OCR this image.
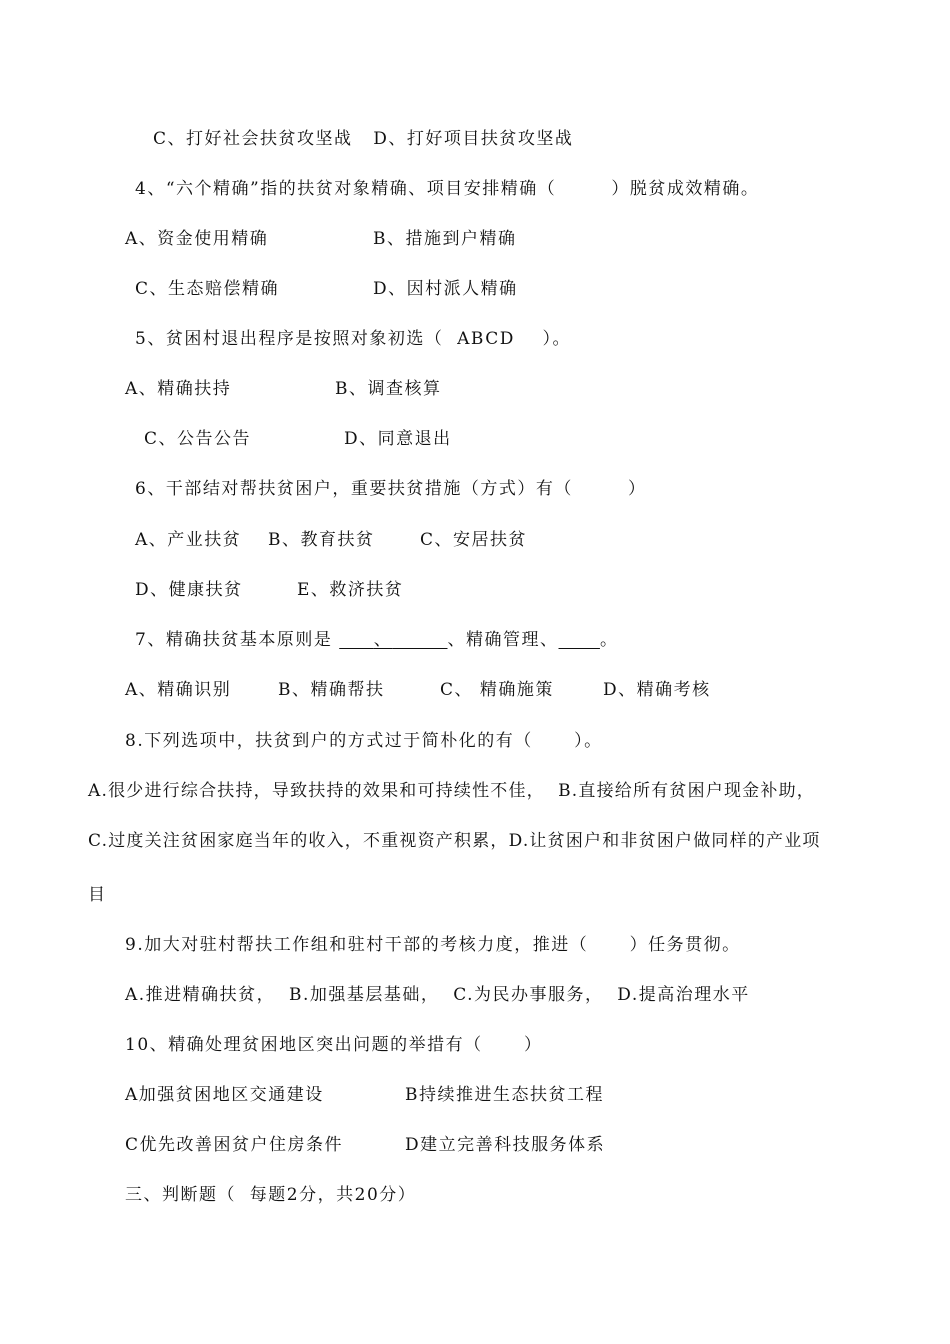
C、打好社会扶贫攻坚战   D、打好项目扶贫攻坚战

4、“六个精确”指的扶贫对象精确、项目安排精确（        ）脱贫成效精确。

A、资金使用精确	B、措施到户精确

C、生态赔偿精确	D、因村派人精确

5、贫困村退出程序是按照对象初选（  ABCD    ）。

A、精确扶持	B、调查核算

C、公告公告	D、同意退出

6、干部结对帮扶贫困户，重要扶贫措施（方式）有（        ）

A、产业扶贫 B、教育扶贫	C、安居扶贫

D、健康扶贫	E、救济扶贫

7、精确扶贫基本原则是      、	、精确管理、 。

A、精确识别	B、精确帮扶	C、 精确施策	D、精确考核

8.下列选项中，扶贫到户的方式过于简朴化的有（      ）。

A.很少进行综合扶持，导致扶持的效果和可持续性不佳，  B.直接给所有贫困户现金补助，

C.过度关注贫困家庭当年的收入，不重视资产积累，D.让贫困户和非贫困户做同样的产业项

目

9.加大对驻村帮扶工作组和驻村干部的考核力度，推进（      ）任务贯彻。

A.推进精确扶贫，  B.加强基层基础，  C.为民办事服务，  D.提高治理水平

10、精确处理贫困地区突出问题的举措有（      ）

A加强贫困地区交通建设	B持续推进生态扶贫工程

C优先改善困贫户住房条件	D建立完善科技服务体系

三、判断题（  每题2分，共20分）
